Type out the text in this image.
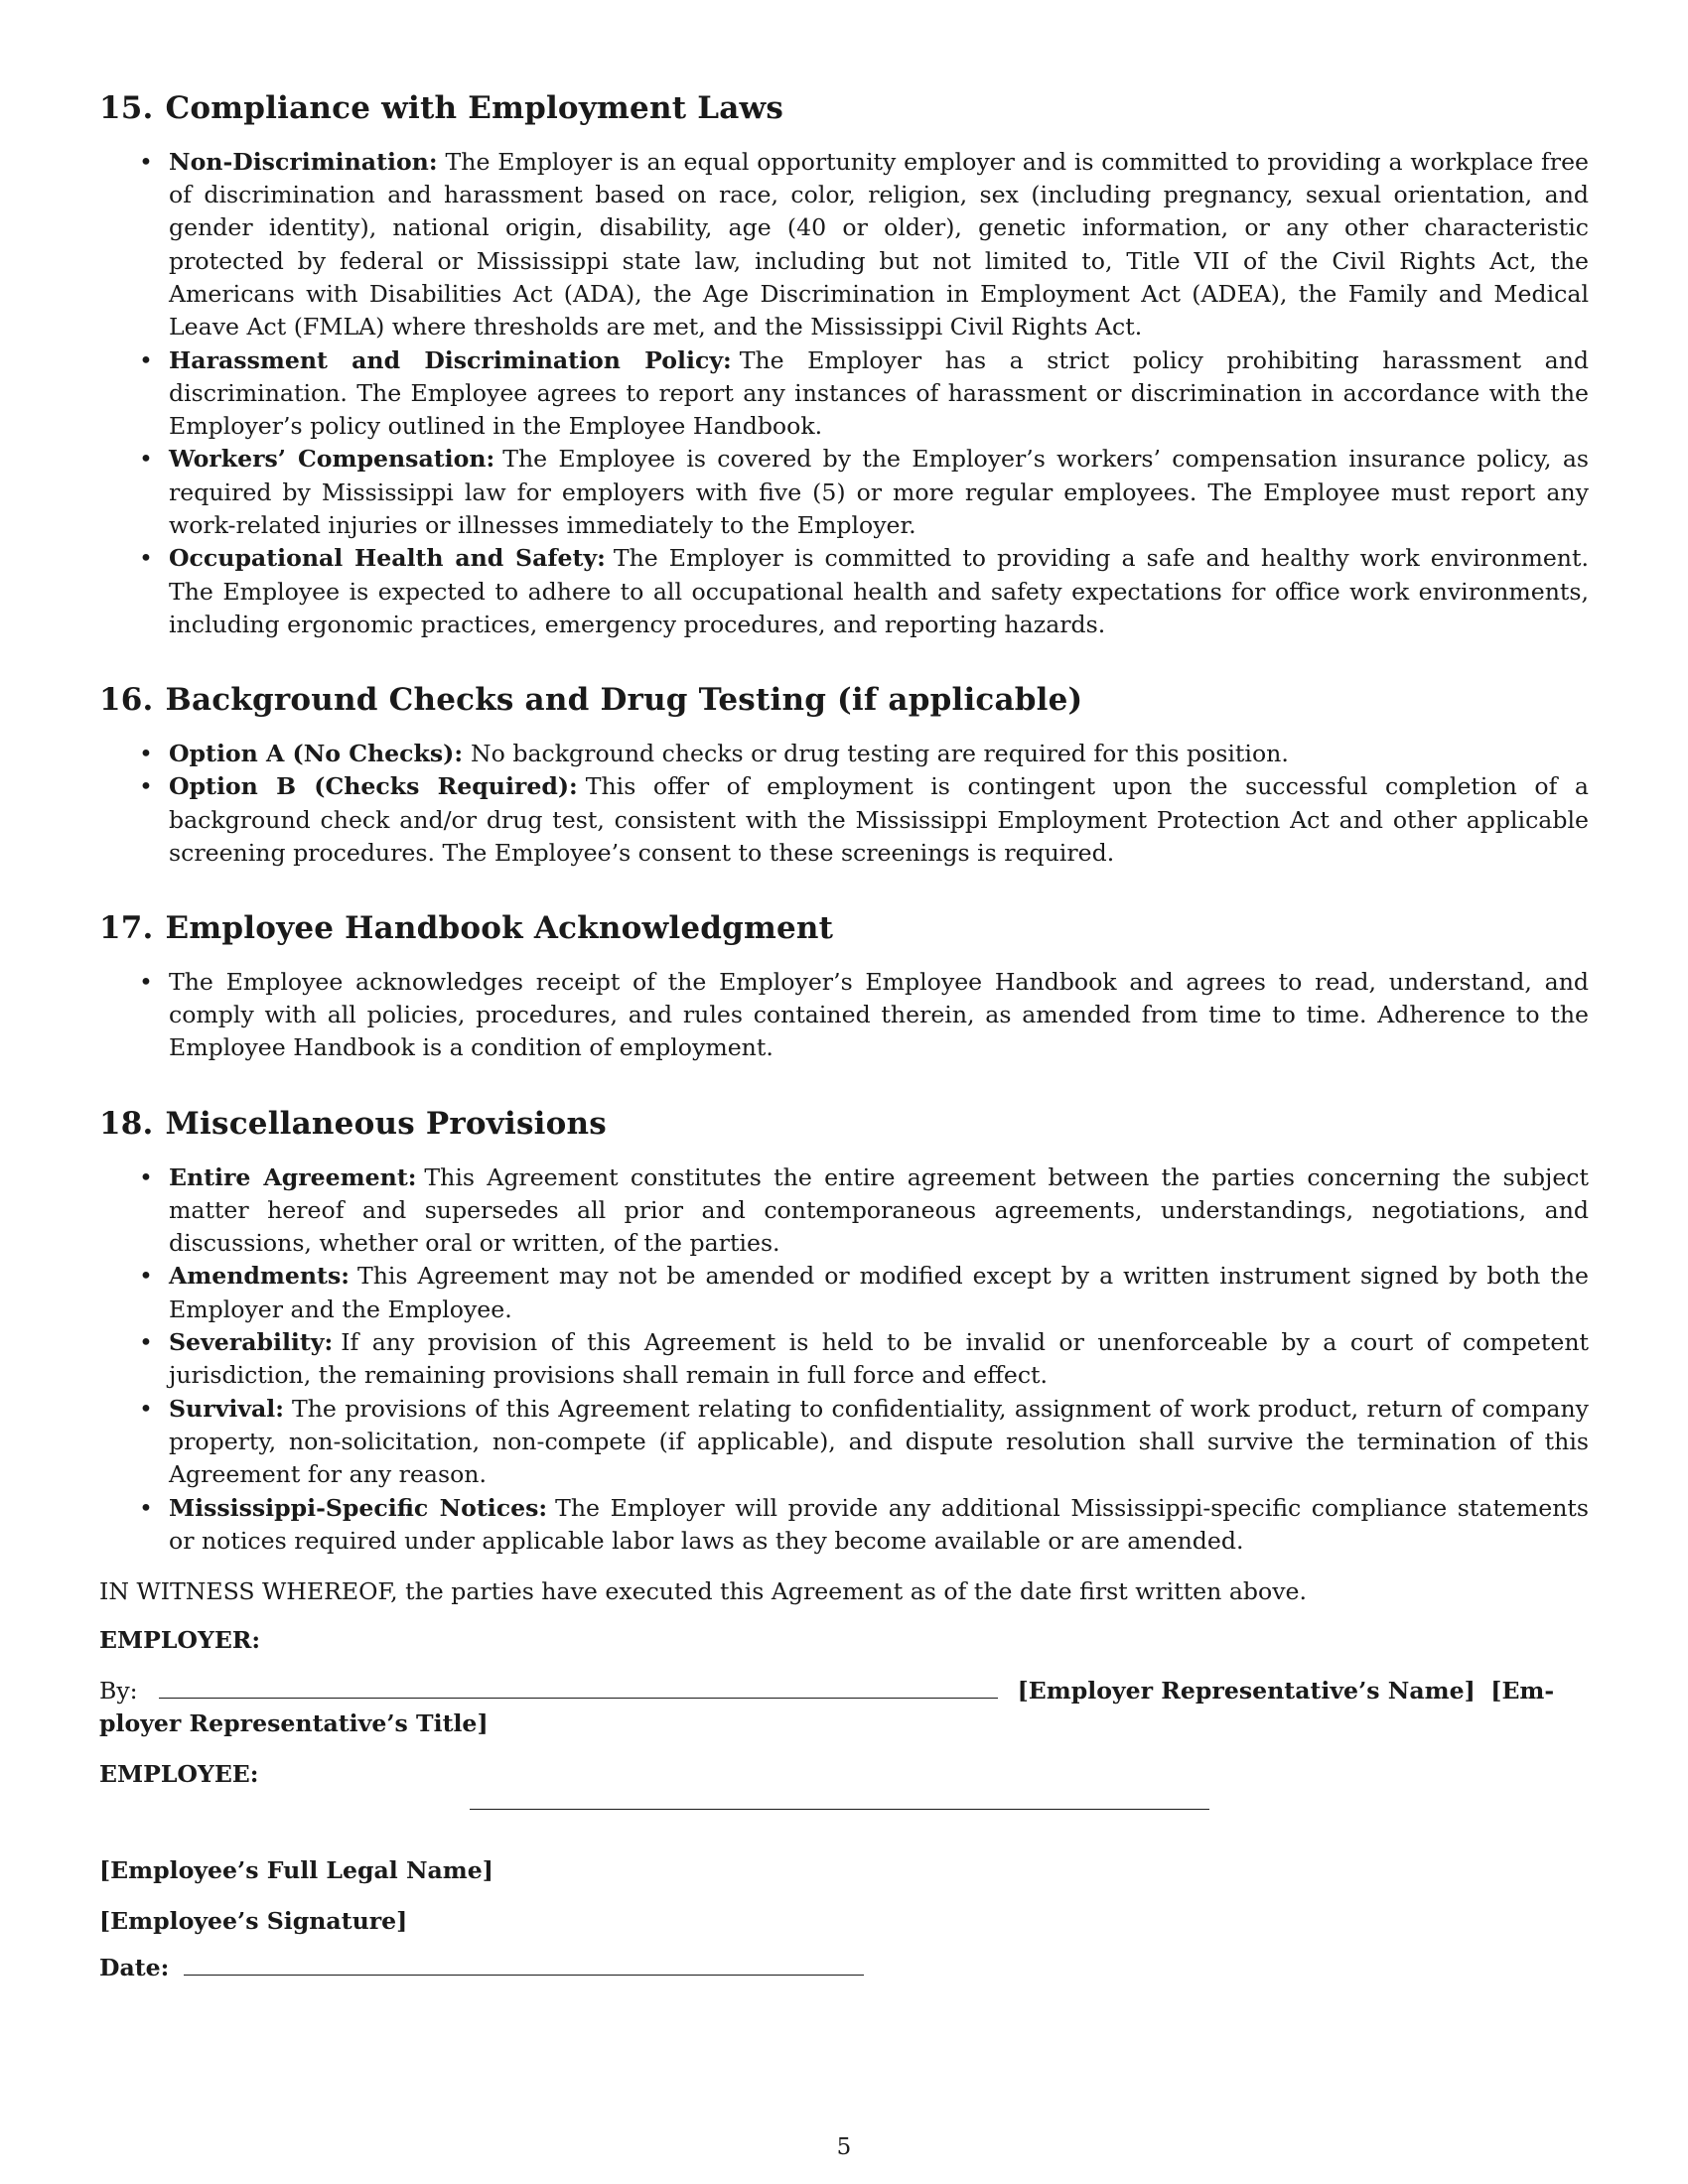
15. Compliance with Employment Laws
• Non-Discrimination: The Employer is an equal opportunity employer and is committed to providing a workplace free of discrimination and harassment based on race, color, religion, sex (including pregnancy, sexual orientation, and gender identity), national origin, disability, age (40 or older), genetic information, or any other characteristic protected by federal or Mississippi state law, including but not limited to, Title VII of the Civil Rights Act, the Americans with Disabilities Act (ADA), the Age Discrimination in Employment Act (ADEA), the Family and Medical Leave Act (FMLA) where thresholds are met, and the Mississippi Civil Rights Act.
• Harassment and Discrimination Policy: The Employer has a strict policy prohibiting harassment and discrimination. The Employee agrees to report any instances of harassment or discrimination in accordance with the Employer’s policy outlined in the Employee Handbook.
• Workers’ Compensation: The Employee is covered by the Employer’s workers’ compensation insurance policy, as required by Mississippi law for employers with five (5) or more regular employees. The Employee must report any work-related injuries or illnesses immediately to the Employer.
• Occupational Health and Safety: The Employer is committed to providing a safe and healthy work environment. The Employee is expected to adhere to all occupational health and safety expectations for office work environments, including ergonomic practices, emergency procedures, and reporting hazards.
16. Background Checks and Drug Testing (if applicable)
• Option A (No Checks): No background checks or drug testing are required for this position.
• Option B (Checks Required): This offer of employment is contingent upon the successful completion of a background check and/or drug test, consistent with the Mississippi Employment Protection Act and other applicable screening procedures. The Employee’s consent to these screenings is required.
17. Employee Handbook Acknowledgment
• The Employee acknowledges receipt of the Employer’s Employee Handbook and agrees to read, understand, and comply with all policies, procedures, and rules contained therein, as amended from time to time. Adherence to the Employee Handbook is a condition of employment.
18. Miscellaneous Provisions
• Entire Agreement: This Agreement constitutes the entire agreement between the parties concerning the subject matter hereof and supersedes all prior and contemporaneous agreements, understandings, negotiations, and discussions, whether oral or written, of the parties.
• Amendments: This Agreement may not be amended or modified except by a written instrument signed by both the Employer and the Employee.
• Severability: If any provision of this Agreement is held to be invalid or unenforceable by a court of competent jurisdiction, the remaining provisions shall remain in full force and effect.
• Survival: The provisions of this Agreement relating to confidentiality, assignment of work product, return of company property, non-solicitation, non-compete (if applicable), and dispute resolution shall survive the termination of this Agreement for any reason.
• Mississippi-Specific Notices: The Employer will provide any additional Mississippi-specific compliance statements or notices required under applicable labor laws as they become available or are amended.

IN WITNESS WHEREOF, the parties have executed this Agreement as of the date first written above.

EMPLOYER:
By:	[Employer Representative’s Name] [Em-
ployer Representative’s Title]
EMPLOYEE:
[Employee’s Full Legal Name]
[Employee’s Signature]
Date:
5
